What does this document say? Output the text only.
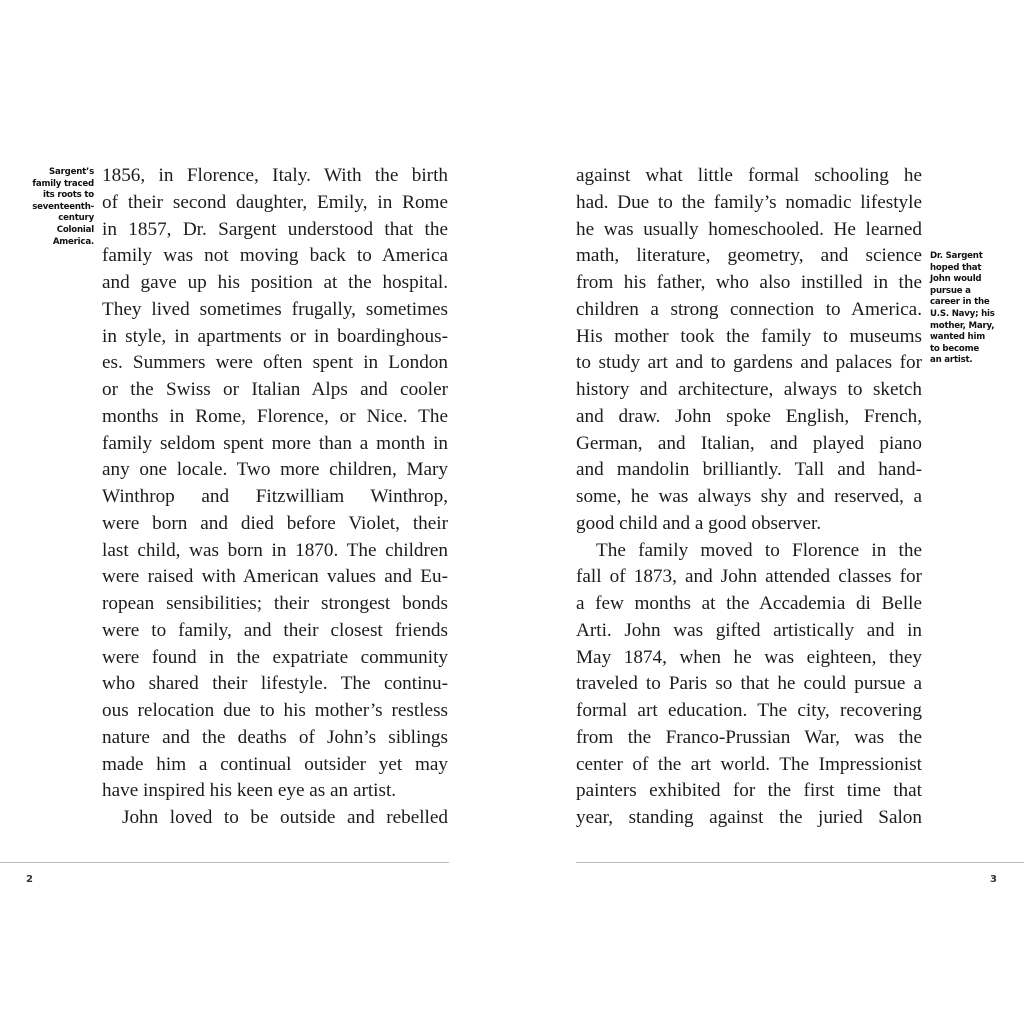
Sargent’s
family traced
its roots to
seventeenth-
century
Colonial
America.
1856, in Florence, Italy. With the birth
of their second daughter, Emily, in Rome
in 1857, Dr. Sargent understood that the
family was not moving back to America
and gave up his position at the hospital.
They lived sometimes frugally, sometimes
in style, in apartments or in boardinghous-
es. Summers were often spent in London
or the Swiss or Italian Alps and cooler
months in Rome, Florence, or Nice. The
family seldom spent more than a month in
any one locale. Two more children, Mary
Winthrop and Fitzwilliam Winthrop,
were born and died before Violet, their
last child, was born in 1870. The children
were raised with American values and Eu-
ropean sensibilities; their strongest bonds
were to family, and their closest friends
were found in the expatriate community
who shared their lifestyle. The continu-
ous relocation due to his mother’s restless
nature and the deaths of John’s siblings
made him a continual outsider yet may
have inspired his keen eye as an artist.
John loved to be outside and rebelled
2
against what little formal schooling he
had. Due to the family’s nomadic lifestyle
he was usually homeschooled. He learned
math, literature, geometry, and science
from his father, who also instilled in the
children a strong connection to America.
His mother took the family to museums
to study art and to gardens and palaces for
history and architecture, always to sketch
and draw. John spoke English, French,
German, and Italian, and played piano
and mandolin brilliantly. Tall and hand-
some, he was always shy and reserved, a
good child and a good observer.
The family moved to Florence in the
fall of 1873, and John attended classes for
a few months at the Accademia di Belle
Arti. John was gifted artistically and in
May 1874, when he was eighteen, they
traveled to Paris so that he could pursue a
formal art education. The city, recovering
from the Franco-Prussian War, was the
center of the art world. The Impressionist
painters exhibited for the first time that
year, standing against the juried Salon
Dr. Sargent
hoped that
John would
pursue a
career in the
U.S. Navy; his
mother, Mary,
wanted him
to become
an artist.
3
